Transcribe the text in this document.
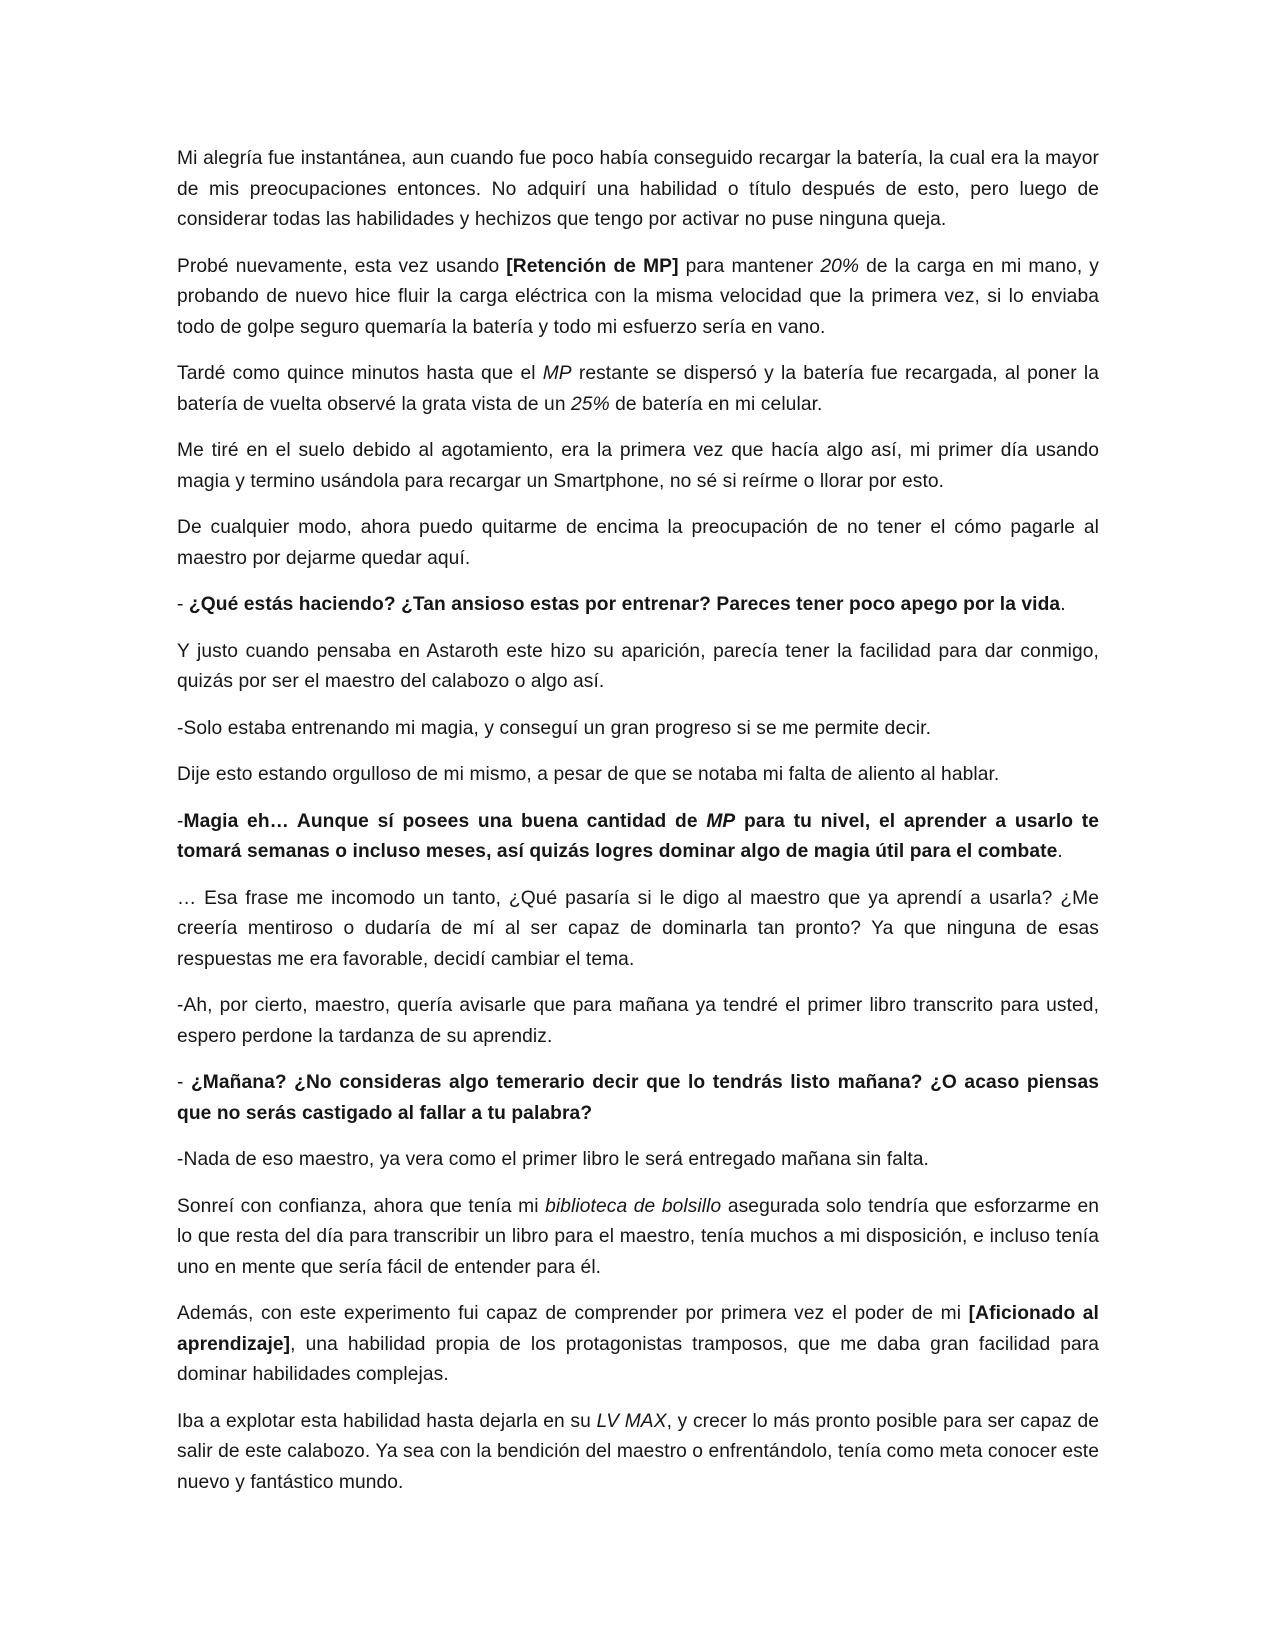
Mi alegría fue instantánea, aun cuando fue poco había conseguido recargar la batería, la cual era la mayor de mis preocupaciones entonces. No adquirí una habilidad o título después de esto, pero luego de considerar todas las habilidades y hechizos que tengo por activar no puse ninguna queja.

Probé nuevamente, esta vez usando [Retención de MP] para mantener 20% de la carga en mi mano, y probando de nuevo hice fluir la carga eléctrica con la misma velocidad que la primera vez, si lo enviaba todo de golpe seguro quemaría la batería y todo mi esfuerzo sería en vano.

Tardé como quince minutos hasta que el MP restante se dispersó y la batería fue recargada, al poner la batería de vuelta observé la grata vista de un 25% de batería en mi celular.

Me tiré en el suelo debido al agotamiento, era la primera vez que hacía algo así, mi primer día usando magia y termino usándola para recargar un Smartphone, no sé si reírme o llorar por esto.

De cualquier modo, ahora puedo quitarme de encima la preocupación de no tener el cómo pagarle al maestro por dejarme quedar aquí.

- ¿Qué estás haciendo? ¿Tan ansioso estas por entrenar? Pareces tener poco apego por la vida.

Y justo cuando pensaba en Astaroth este hizo su aparición, parecía tener la facilidad para dar conmigo, quizás por ser el maestro del calabozo o algo así.

-Solo estaba entrenando mi magia, y conseguí un gran progreso si se me permite decir.

Dije esto estando orgulloso de mi mismo, a pesar de que se notaba mi falta de aliento al hablar.

-Magia eh… Aunque sí posees una buena cantidad de MP para tu nivel, el aprender a usarlo te tomará semanas o incluso meses, así quizás logres dominar algo de magia útil para el combate.

… Esa frase me incomodo un tanto, ¿Qué pasaría si le digo al maestro que ya aprendí a usarla? ¿Me creería mentiroso o dudaría de mí al ser capaz de dominarla tan pronto? Ya que ninguna de esas respuestas me era favorable, decidí cambiar el tema.

-Ah, por cierto, maestro, quería avisarle que para mañana ya tendré el primer libro transcrito para usted, espero perdone la tardanza de su aprendiz.

- ¿Mañana? ¿No consideras algo temerario decir que lo tendrás listo mañana? ¿O acaso piensas que no serás castigado al fallar a tu palabra?

-Nada de eso maestro, ya vera como el primer libro le será entregado mañana sin falta.

Sonreí con confianza, ahora que tenía mi biblioteca de bolsillo asegurada solo tendría que esforzarme en lo que resta del día para transcribir un libro para el maestro, tenía muchos a mi disposición, e incluso tenía uno en mente que sería fácil de entender para él.

Además, con este experimento fui capaz de comprender por primera vez el poder de mi [Aficionado al aprendizaje], una habilidad propia de los protagonistas tramposos, que me daba gran facilidad para dominar habilidades complejas.

Iba a explotar esta habilidad hasta dejarla en su LV MAX, y crecer lo más pronto posible para ser capaz de salir de este calabozo. Ya sea con la bendición del maestro o enfrentándolo, tenía como meta conocer este nuevo y fantástico mundo.
